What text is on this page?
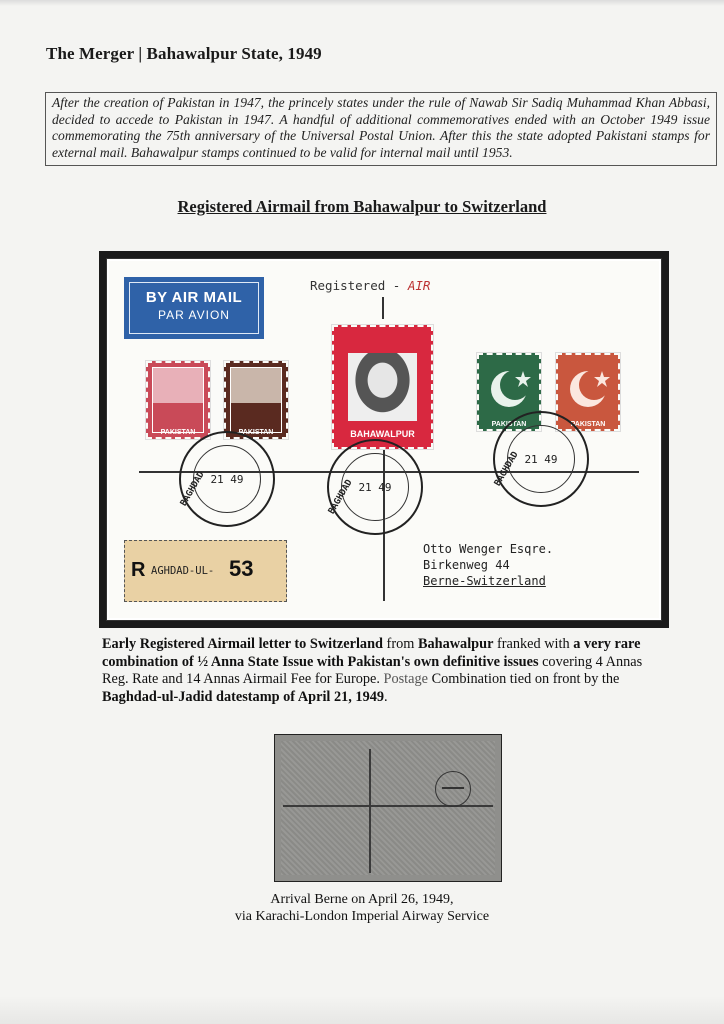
The Merger | Bahawalpur State, 1949
After the creation of Pakistan in 1947, the princely states under the rule of Nawab Sir Sadiq Muhammad Khan Abbasi, decided to accede to Pakistan in 1947. A handful of additional commemoratives ended with an October 1949 issue commemorating the 75th anniversary of the Universal Postal Union. After this the state adopted Pakistani stamps for external mail. Bahawalpur stamps continued to be valid for internal mail until 1953.
Registered Airmail from Bahawalpur to Switzerland
BY AIR MAIL
PAR AVION
Registered - AIR
PAKISTAN	PAKISTAN	BAHAWALPUR
PAKISTAN	PAKISTAN
BAGHDAD 21 49	BAGHDAD 21 49	BAGHDAD 21 49
R AGHDAD-UL- 53
Otto Wenger Esqre.
Birkenweg 44
Berne-Switzerland
Early Registered Airmail letter to Switzerland from Bahawalpur franked with a very rare combination of ½ Anna State Issue with Pakistan's own definitive issues covering 4 Annas Reg. Rate and 14 Annas Airmail Fee for Europe. Postage Combination tied on front by the Baghdad-ul-Jadid datestamp of April 21, 1949.
Arrival Berne on April 26, 1949,
via Karachi-London Imperial Airway Service
